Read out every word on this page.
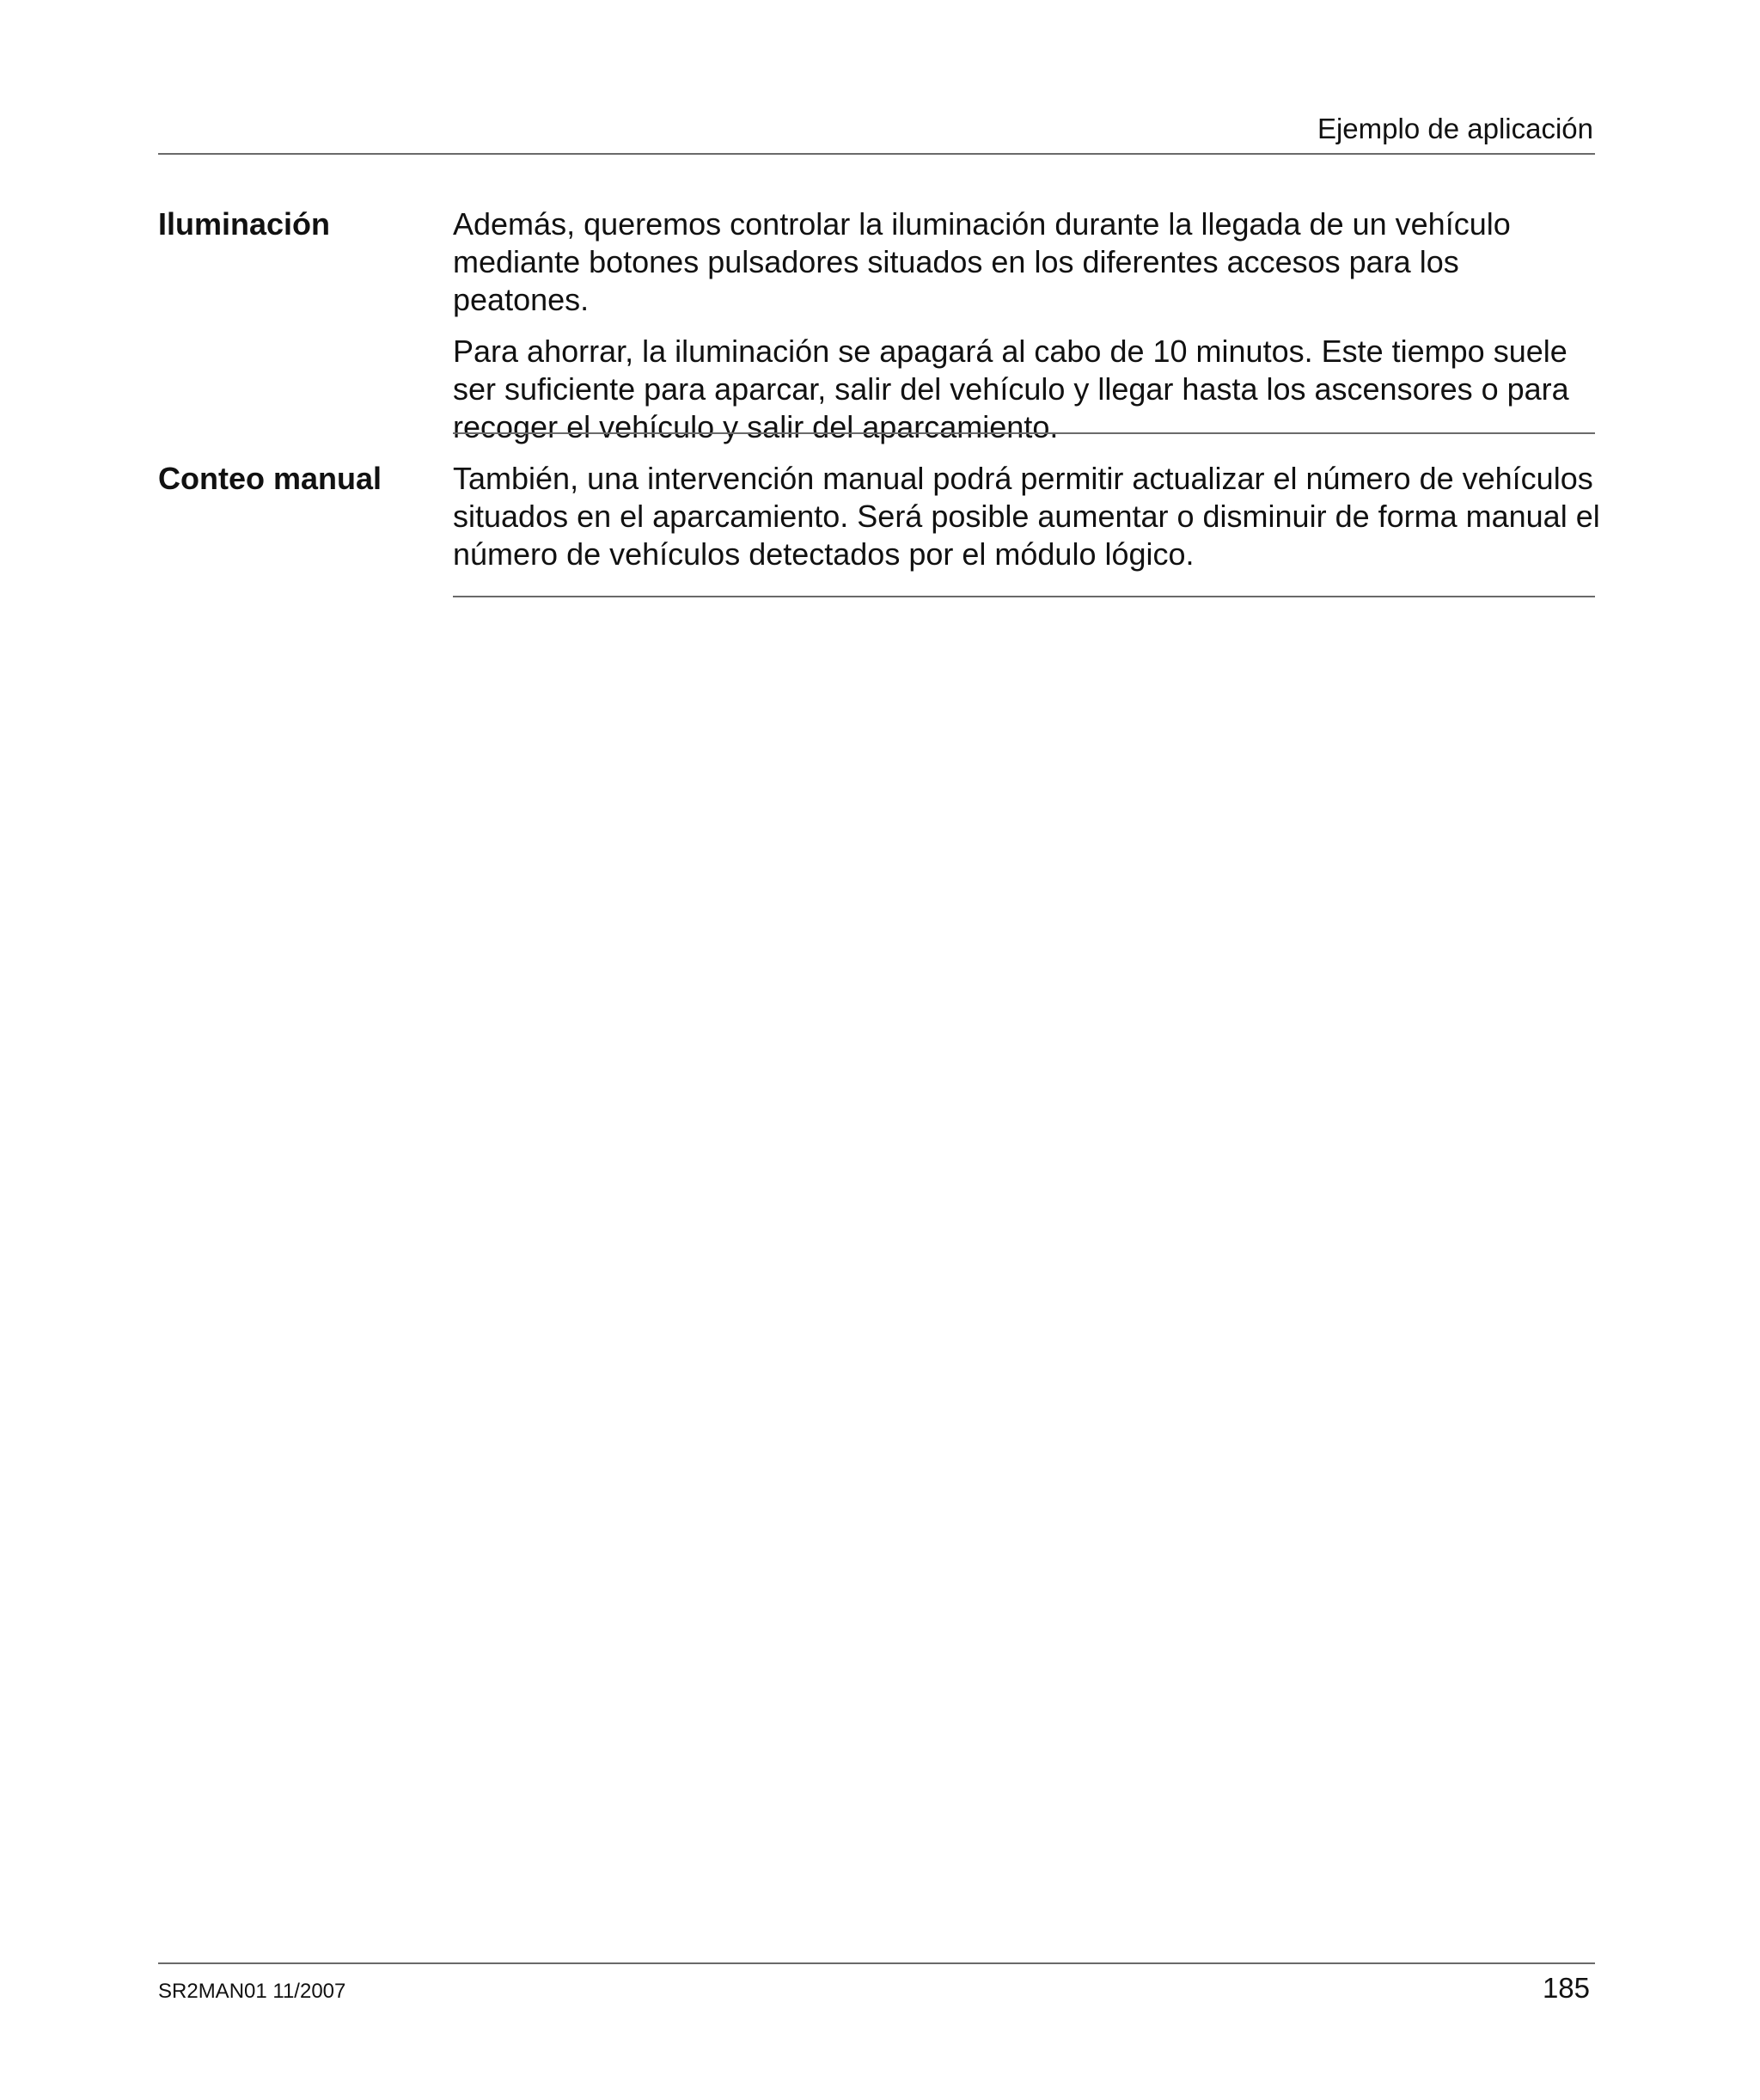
Ejemplo de aplicación
Iluminación	Además, queremos controlar la iluminación durante la llegada de un vehículo mediante botones pulsadores situados en los diferentes accesos para los peatones.

Para ahorrar, la iluminación se apagará al cabo de 10 minutos. Este tiempo suele ser suficiente para aparcar, salir del vehículo y llegar hasta los ascensores o para recoger el vehículo y salir del aparcamiento.

Conteo manual También, una intervención manual podrá permitir actualizar el número de vehículos situados en el aparcamiento. Será posible aumentar o disminuir de forma manual el número de vehículos detectados por el módulo lógico.

SR2MAN01 11/2007	185
